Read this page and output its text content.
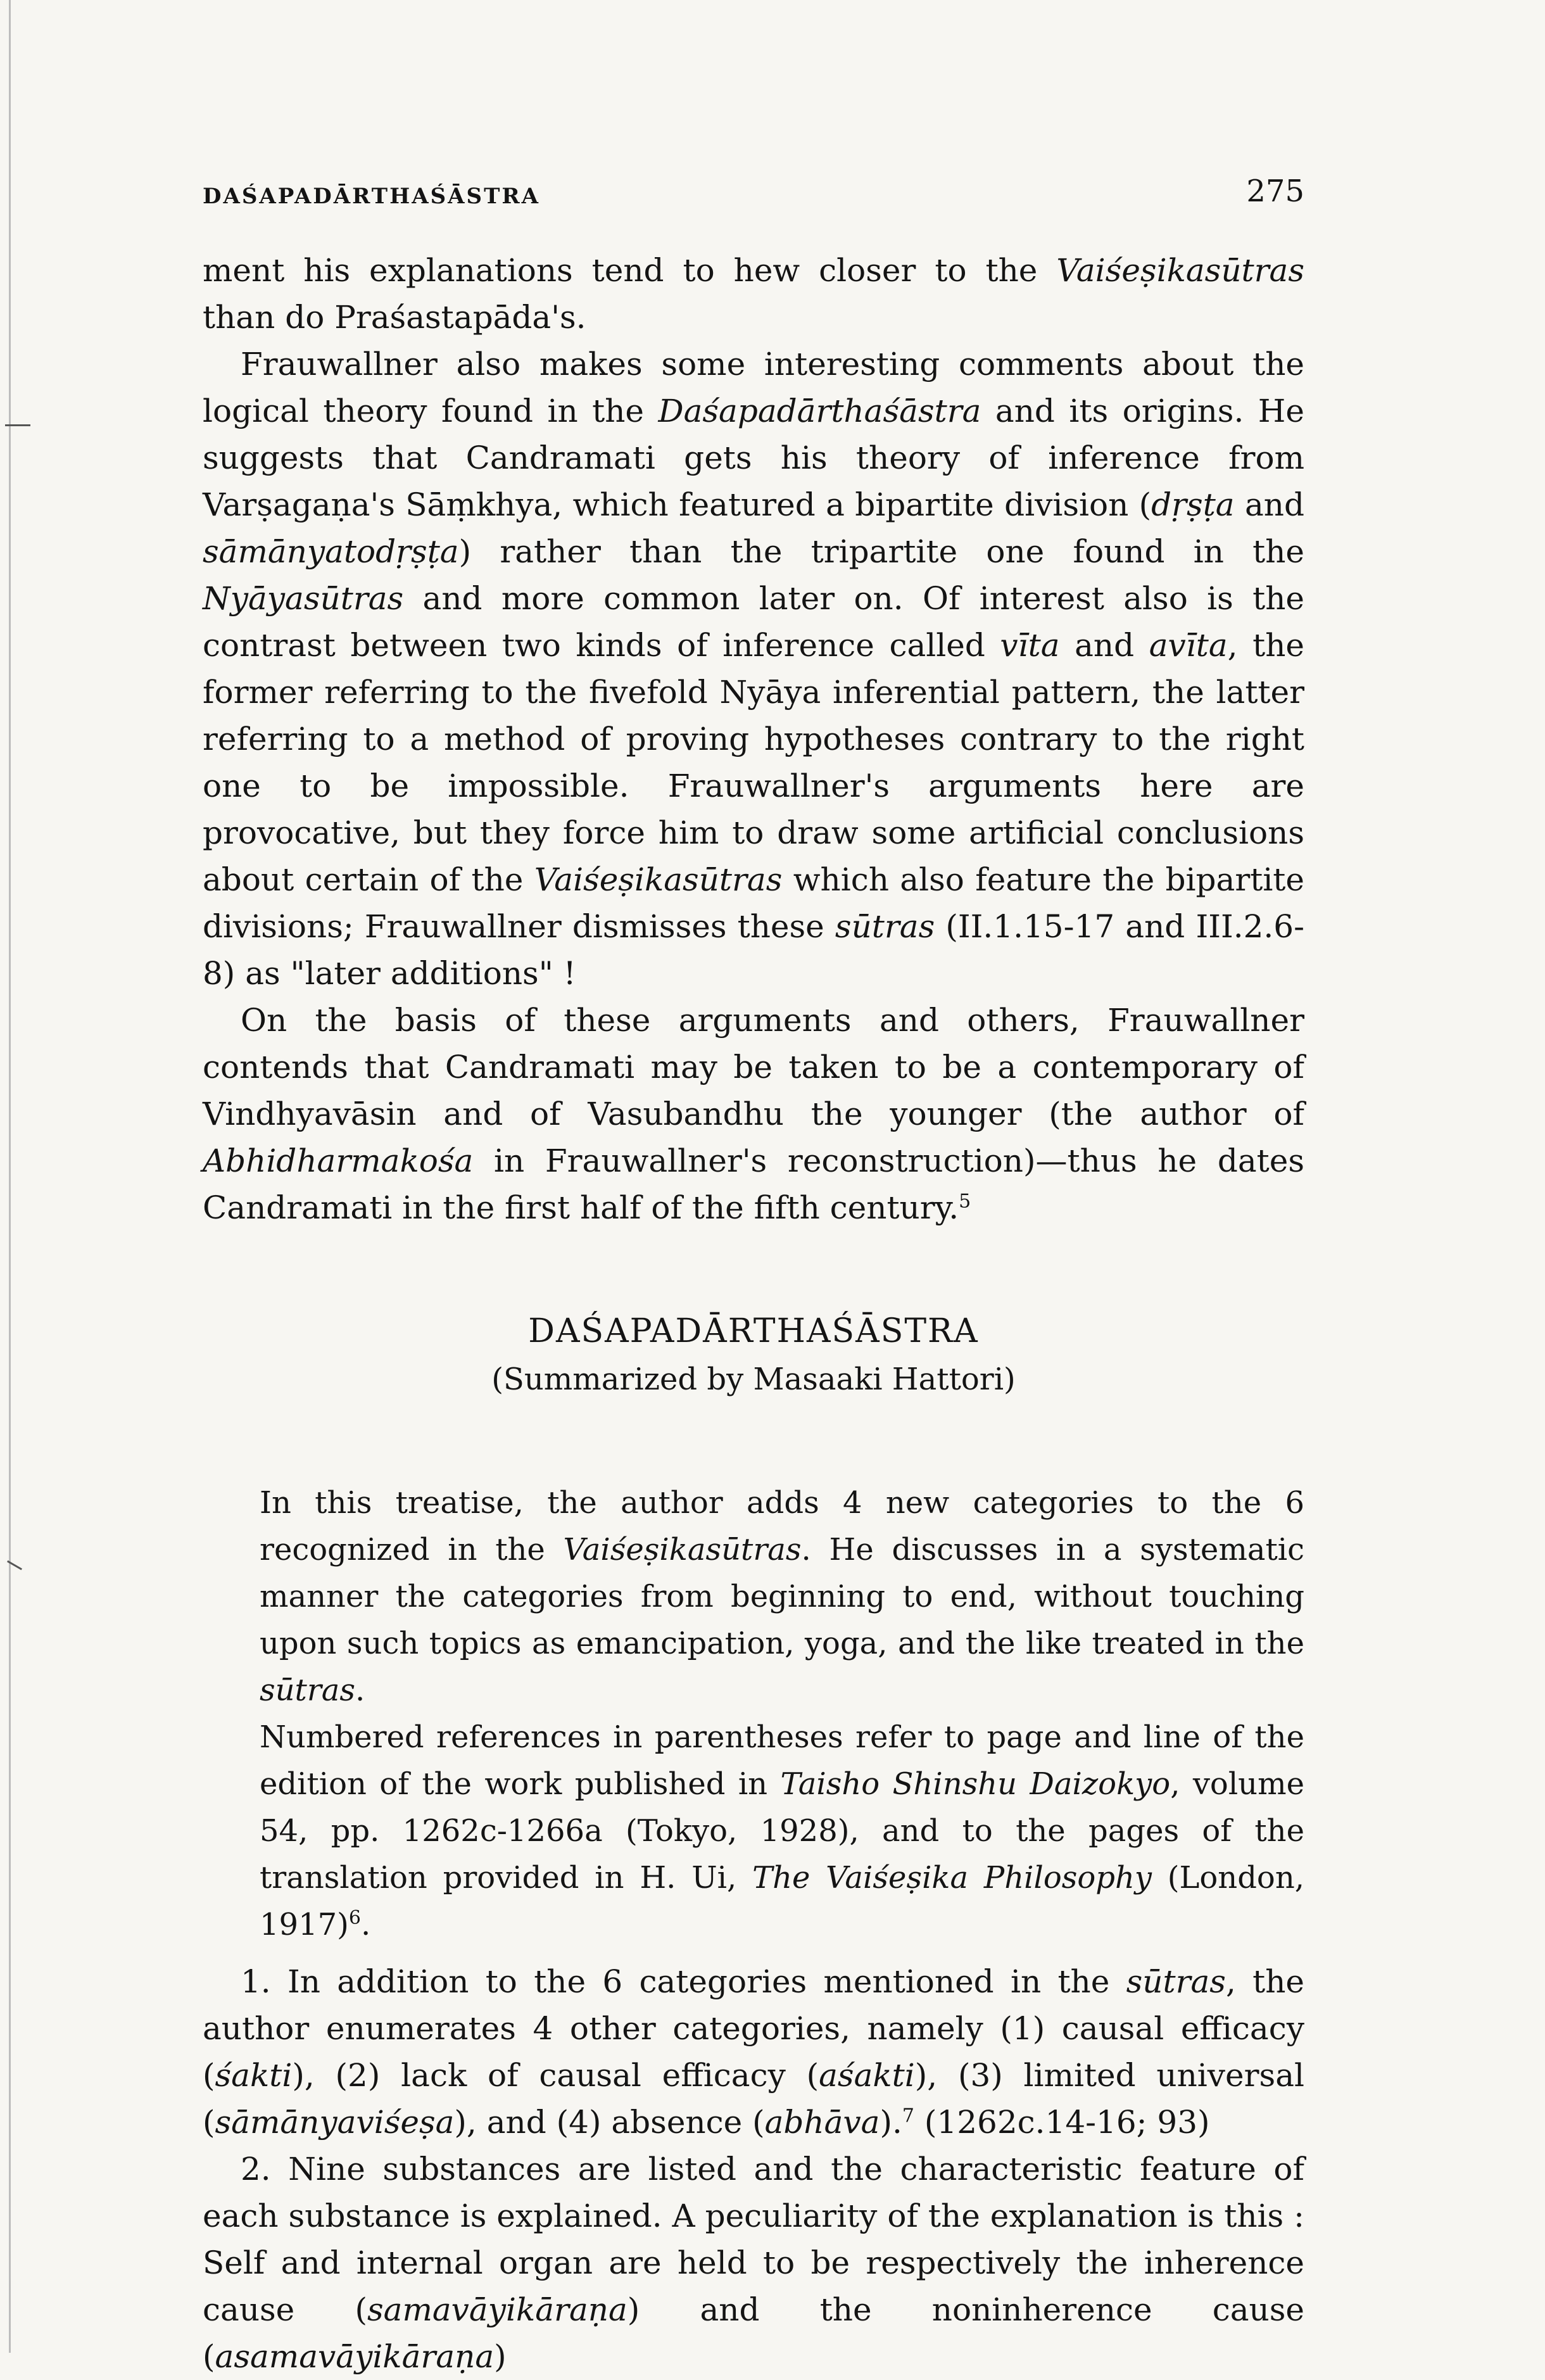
DAŚAPADĀRTHAŚĀSTRA	275

ment his explanations tend to hew closer to the Vaiśeṣikasūtras than do Praśastapāda's.

Frauwallner also makes some interesting comments about the logical theory found in the Daśapadārthaśāstra and its origins. He suggests that Candramati gets his theory of inference from Varṣagaṇa's Sāṃkhya, which featured a bipartite division (dṛṣṭa and sāmānyatodṛṣṭa) rather than the tripartite one found in the Nyāyasūtras and more common later on. Of interest also is the contrast between two kinds of inference called vīta and avīta, the former referring to the fivefold Nyāya inferential pattern, the latter referring to a method of proving hypotheses contrary to the right one to be impossible. Frauwallner's arguments here are provocative, but they force him to draw some artificial conclusions about certain of the Vaiśeṣikasūtras which also feature the bipartite divisions; Frauwallner dismisses these sūtras (II.1.15-17 and III.2.6-8) as "later additions" !

On the basis of these arguments and others, Frauwallner contends that Candramati may be taken to be a contemporary of Vindhyavāsin and of Vasubandhu the younger (the author of Abhidharmakośa in Frauwallner's reconstruction)—thus he dates Candramati in the first half of the fifth century.$^5$

DAŚAPADĀRTHAŚĀSTRA
(Summarized by Masaaki Hattori)

In this treatise, the author adds 4 new categories to the 6 recognized in the Vaiśeṣikasūtras. He discusses in a systematic manner the categories from beginning to end, without touching upon such topics as emancipation, yoga, and the like treated in the sūtras.

Numbered references in parentheses refer to page and line of the edition of the work published in Taisho Shinshu Daizokyo, volume 54, pp. 1262c-1266a (Tokyo, 1928), and to the pages of the translation provided in H. Ui, The Vaiśeṣika Philosophy (London, 1917)$^6$.

1. In addition to the 6 categories mentioned in the sūtras, the author enumerates 4 other categories, namely (1) causal efficacy (śakti), (2) lack of causal efficacy (aśakti), (3) limited universal (sāmānyaviśeṣa), and (4) absence (abhāva).$^7$ (1262c.14-16; 93)

2. Nine substances are listed and the characteristic feature of each substance is explained. A peculiarity of the explanation is this : Self and internal organ are held to be respectively the inherence cause (samavāyikāraṇa) and the noninherence cause (asamavāyikāraṇa)
